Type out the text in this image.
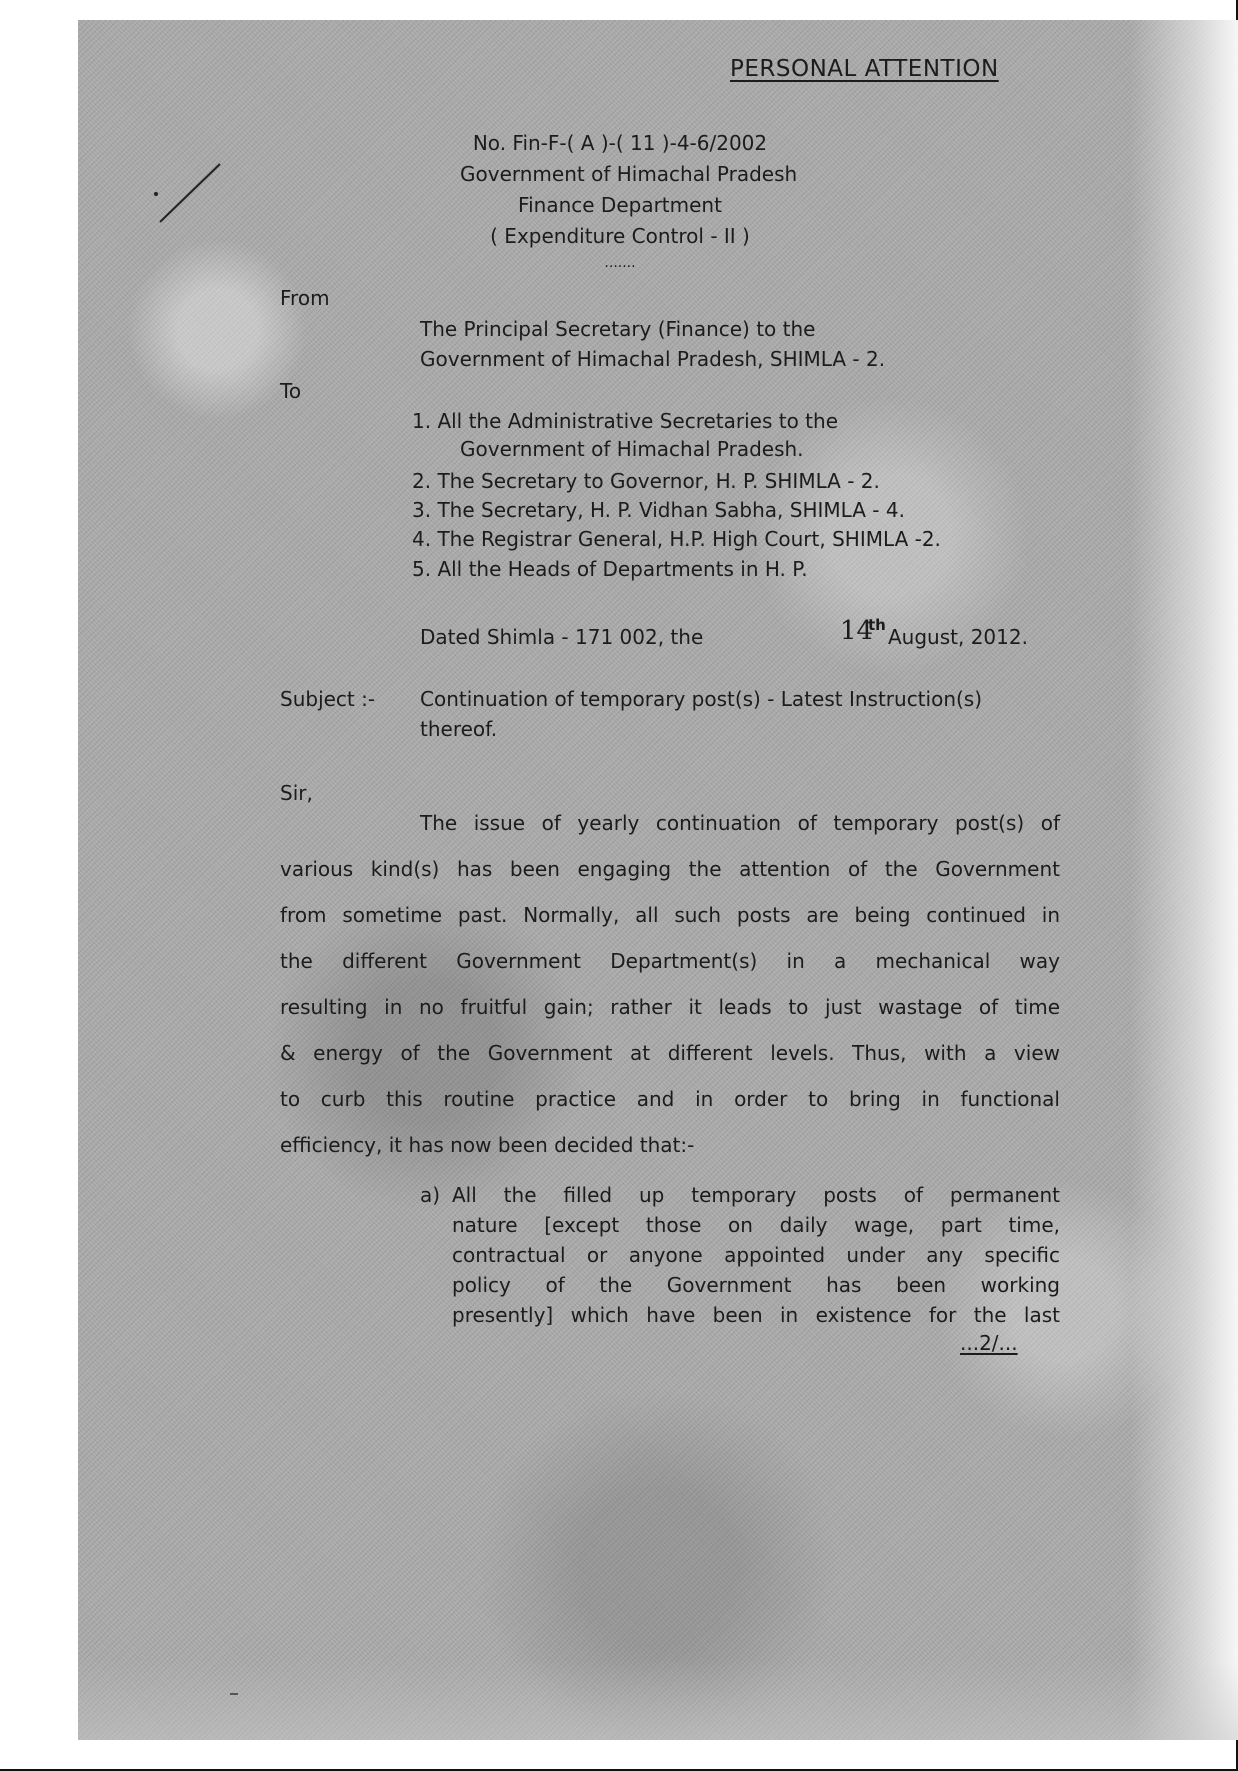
PERSONAL ATTENTION
No. Fin-F-( A )-( 11 )-4-6/2002
Government of Himachal Pradesh
Finance Department
( Expenditure Control - II )
.......
From
The Principal Secretary (Finance) to the
Government of Himachal Pradesh, SHIMLA - 2.
To
1. All the Administrative Secretaries to the
Government of Himachal Pradesh.
2. The Secretary to Governor, H. P. SHIMLA - 2.
3. The Secretary, H. P. Vidhan Sabha, SHIMLA - 4.
4. The Registrar General, H.P. High Court, SHIMLA -2.
5. All the Heads of Departments in H. P.
Dated Shimla - 171 002, the	14
th August, 2012.
Subject :- Continuation of temporary post(s) - Latest Instruction(s)
thereof.
Sir,
The issue of yearly continuation of temporary post(s) of
various kind(s) has been engaging the attention of the Government
from sometime past. Normally, all such posts are being continued in
the different Government Department(s) in a mechanical way
resulting in no fruitful gain; rather it leads to just wastage of time
& energy of the Government at different levels. Thus, with a view
to curb this routine practice and in order to bring in functional
efficiency, it has now been decided that:-
a) All the filled up temporary posts of permanent
nature [except those on daily wage, part time,
contractual or anyone appointed under any specific
policy of the Government has been working
presently] which have been in existence for the last
...2/...
